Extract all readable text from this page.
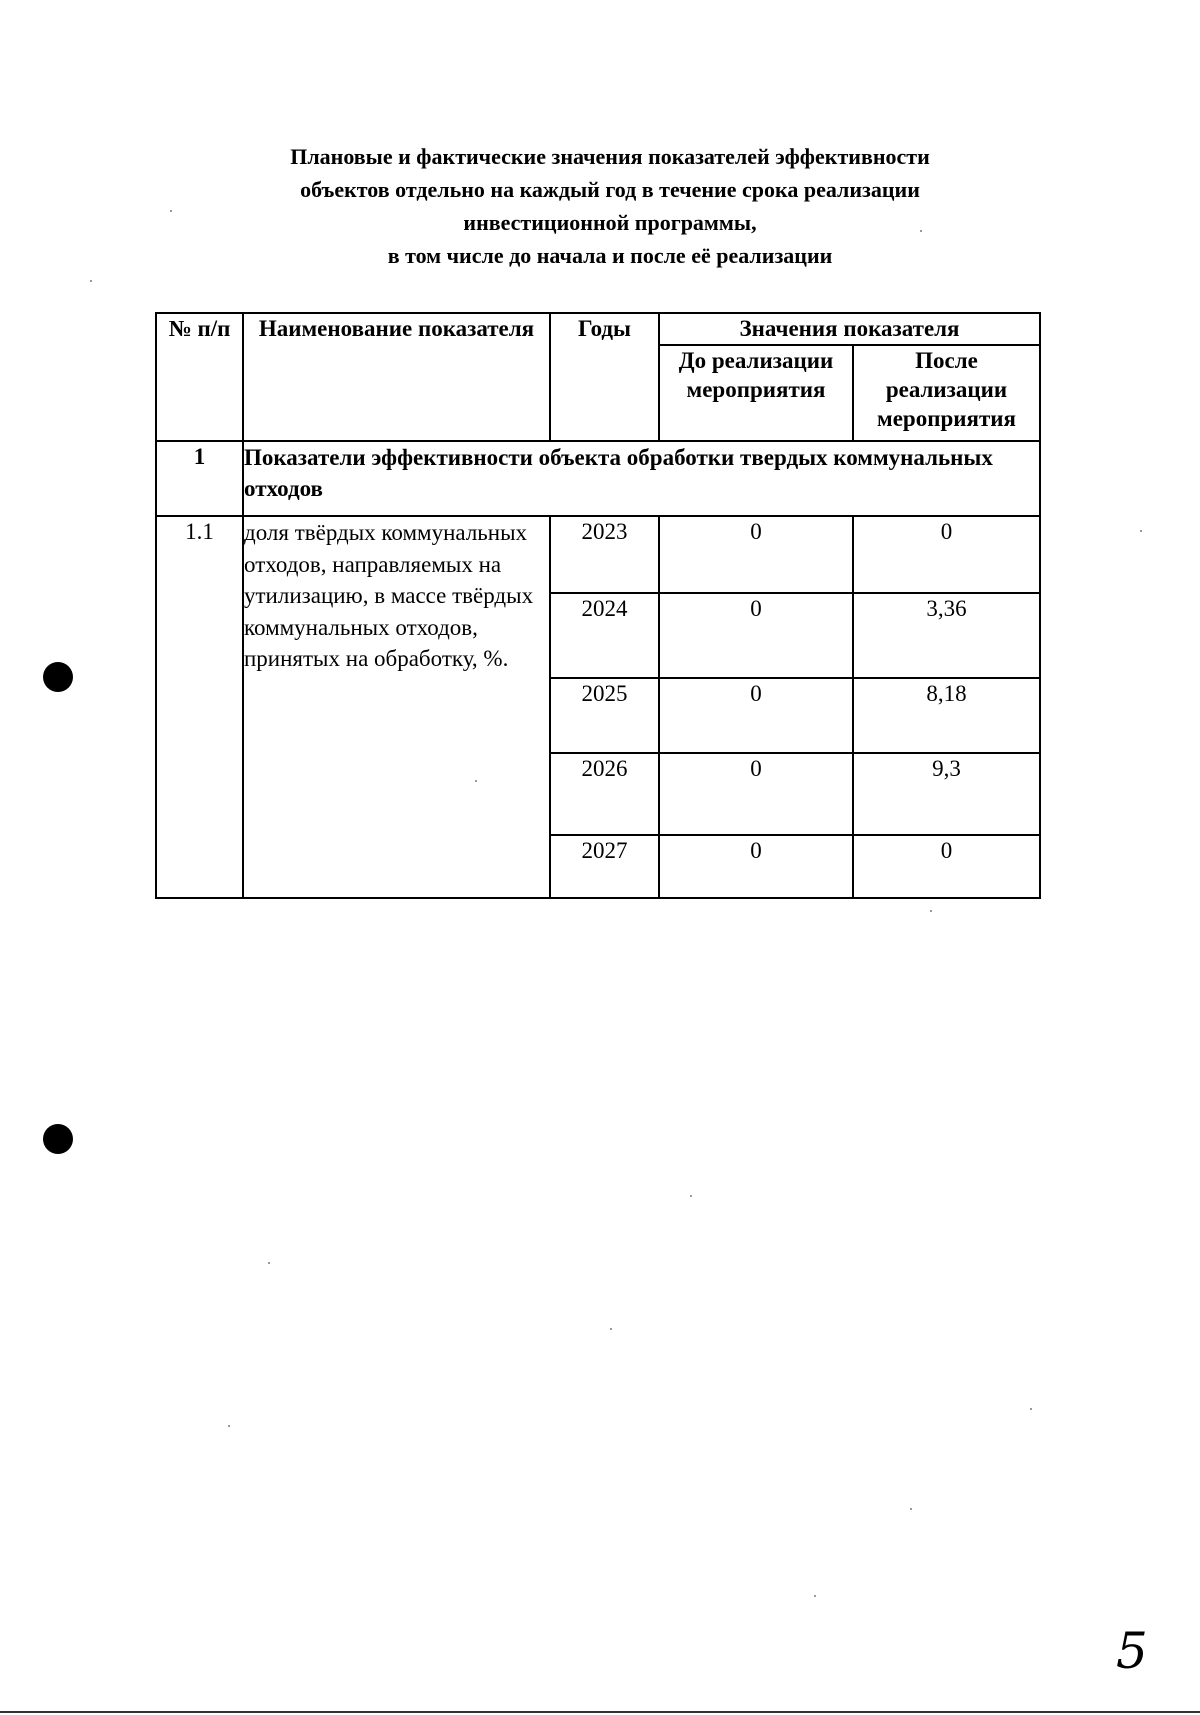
Плановые и фактические значения показателей эффективности
объектов отдельно на каждый год в течение срока реализации
инвестиционной программы,
в том числе до начала и после её реализации
№ п/п	Наименование показателя	Годы	Значения показателя	
			До реализации мероприятия	После реализации мероприятия
1	Показатели эффективности объекта обработки твердых коммунальных отходов			
1.1	доля твёрдых коммунальных отходов, направляемых на утилизацию, в массе твёрдых коммунальных отходов, принятых на обработку, %.	2023	0	0
		2024	0	3,36
		2025	0	8,18
		2026	0	9,3
		2027	0	0
5
